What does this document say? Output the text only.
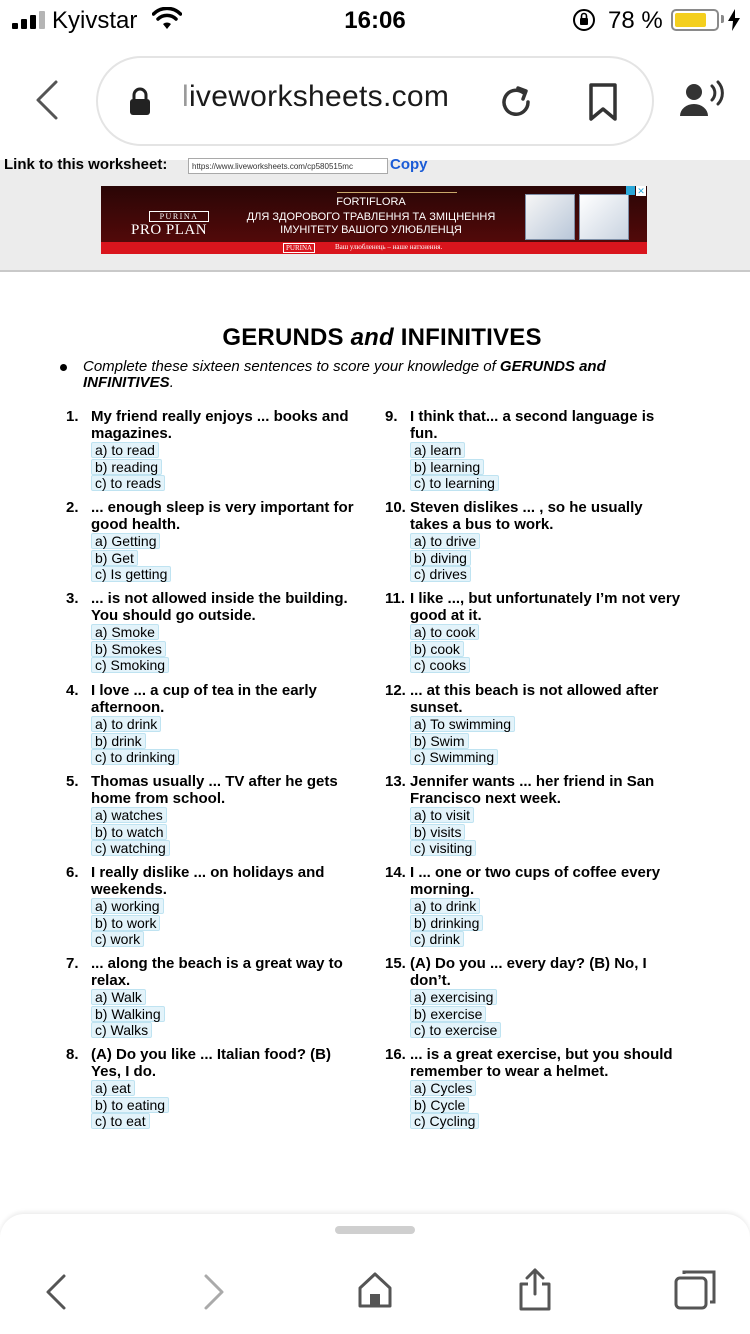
Kyivstar	16:06	78 %
liveworksheets.com
Link to this worksheet:	https://www.liveworksheets.com/cp580515mc	Copy
PURINA
PRO PLAN
FORTIFLORA
ДЛЯ ЗДОРОВОГО ТРАВЛЕННЯ ТА ЗМІЦНЕННЯ
ІМУНІТЕТУ ВАШОГО УЛЮБЛЕНЦЯ
✕
PURINA	Ваш улюбленець – наше натхнення.
GERUNDS and INFINITIVES
Complete these sixteen sentences to score your knowledge of GERUNDS and INFINITIVES.
1. My friend really enjoys ... books and magazines.
a) to read
b) reading
c) to reads
2. ... enough sleep is very important for good health.
a) Getting
b) Get
c) Is getting
3. ... is not allowed inside the building. You should go outside.
a) Smoke
b) Smokes
c) Smoking
4. I love ... a cup of tea in the early afternoon.
a) to drink
b) drink
c) to drinking
5. Thomas usually ... TV after he gets home from school.
a) watches
b) to watch
c) watching
6. I really dislike ... on holidays and weekends.
a) working
b) to work
c) work
7. ... along the beach is a great way to relax.
a) Walk
b) Walking
c) Walks
8. (A) Do you like ... Italian food? (B) Yes, I do.
a) eat
b) to eating
c) to eat
9. I think that... a second language is fun.
a) learn
b) learning
c) to learning
10. Steven dislikes ... , so he usually takes a bus to work.
a) to drive
b) diving
c) drives
11. I like ..., but unfortunately I’m not very good at it.
a) to cook
b) cook
c) cooks
12. ... at this beach is not allowed after sunset.
a) To swimming
b) Swim
c) Swimming
13. Jennifer wants ... her friend in San Francisco next week.
a) to visit
b) visits
c) visiting
14. I ... one or two cups of coffee every morning.
a) to drink
b) drinking
c) drink
15. (A) Do you ... every day? (B) No, I don’t.
a) exercising
b) exercise
c) to exercise
16. ... is a great exercise, but you should remember to wear a helmet.
a) Cycles
b) Cycle
c) Cycling
